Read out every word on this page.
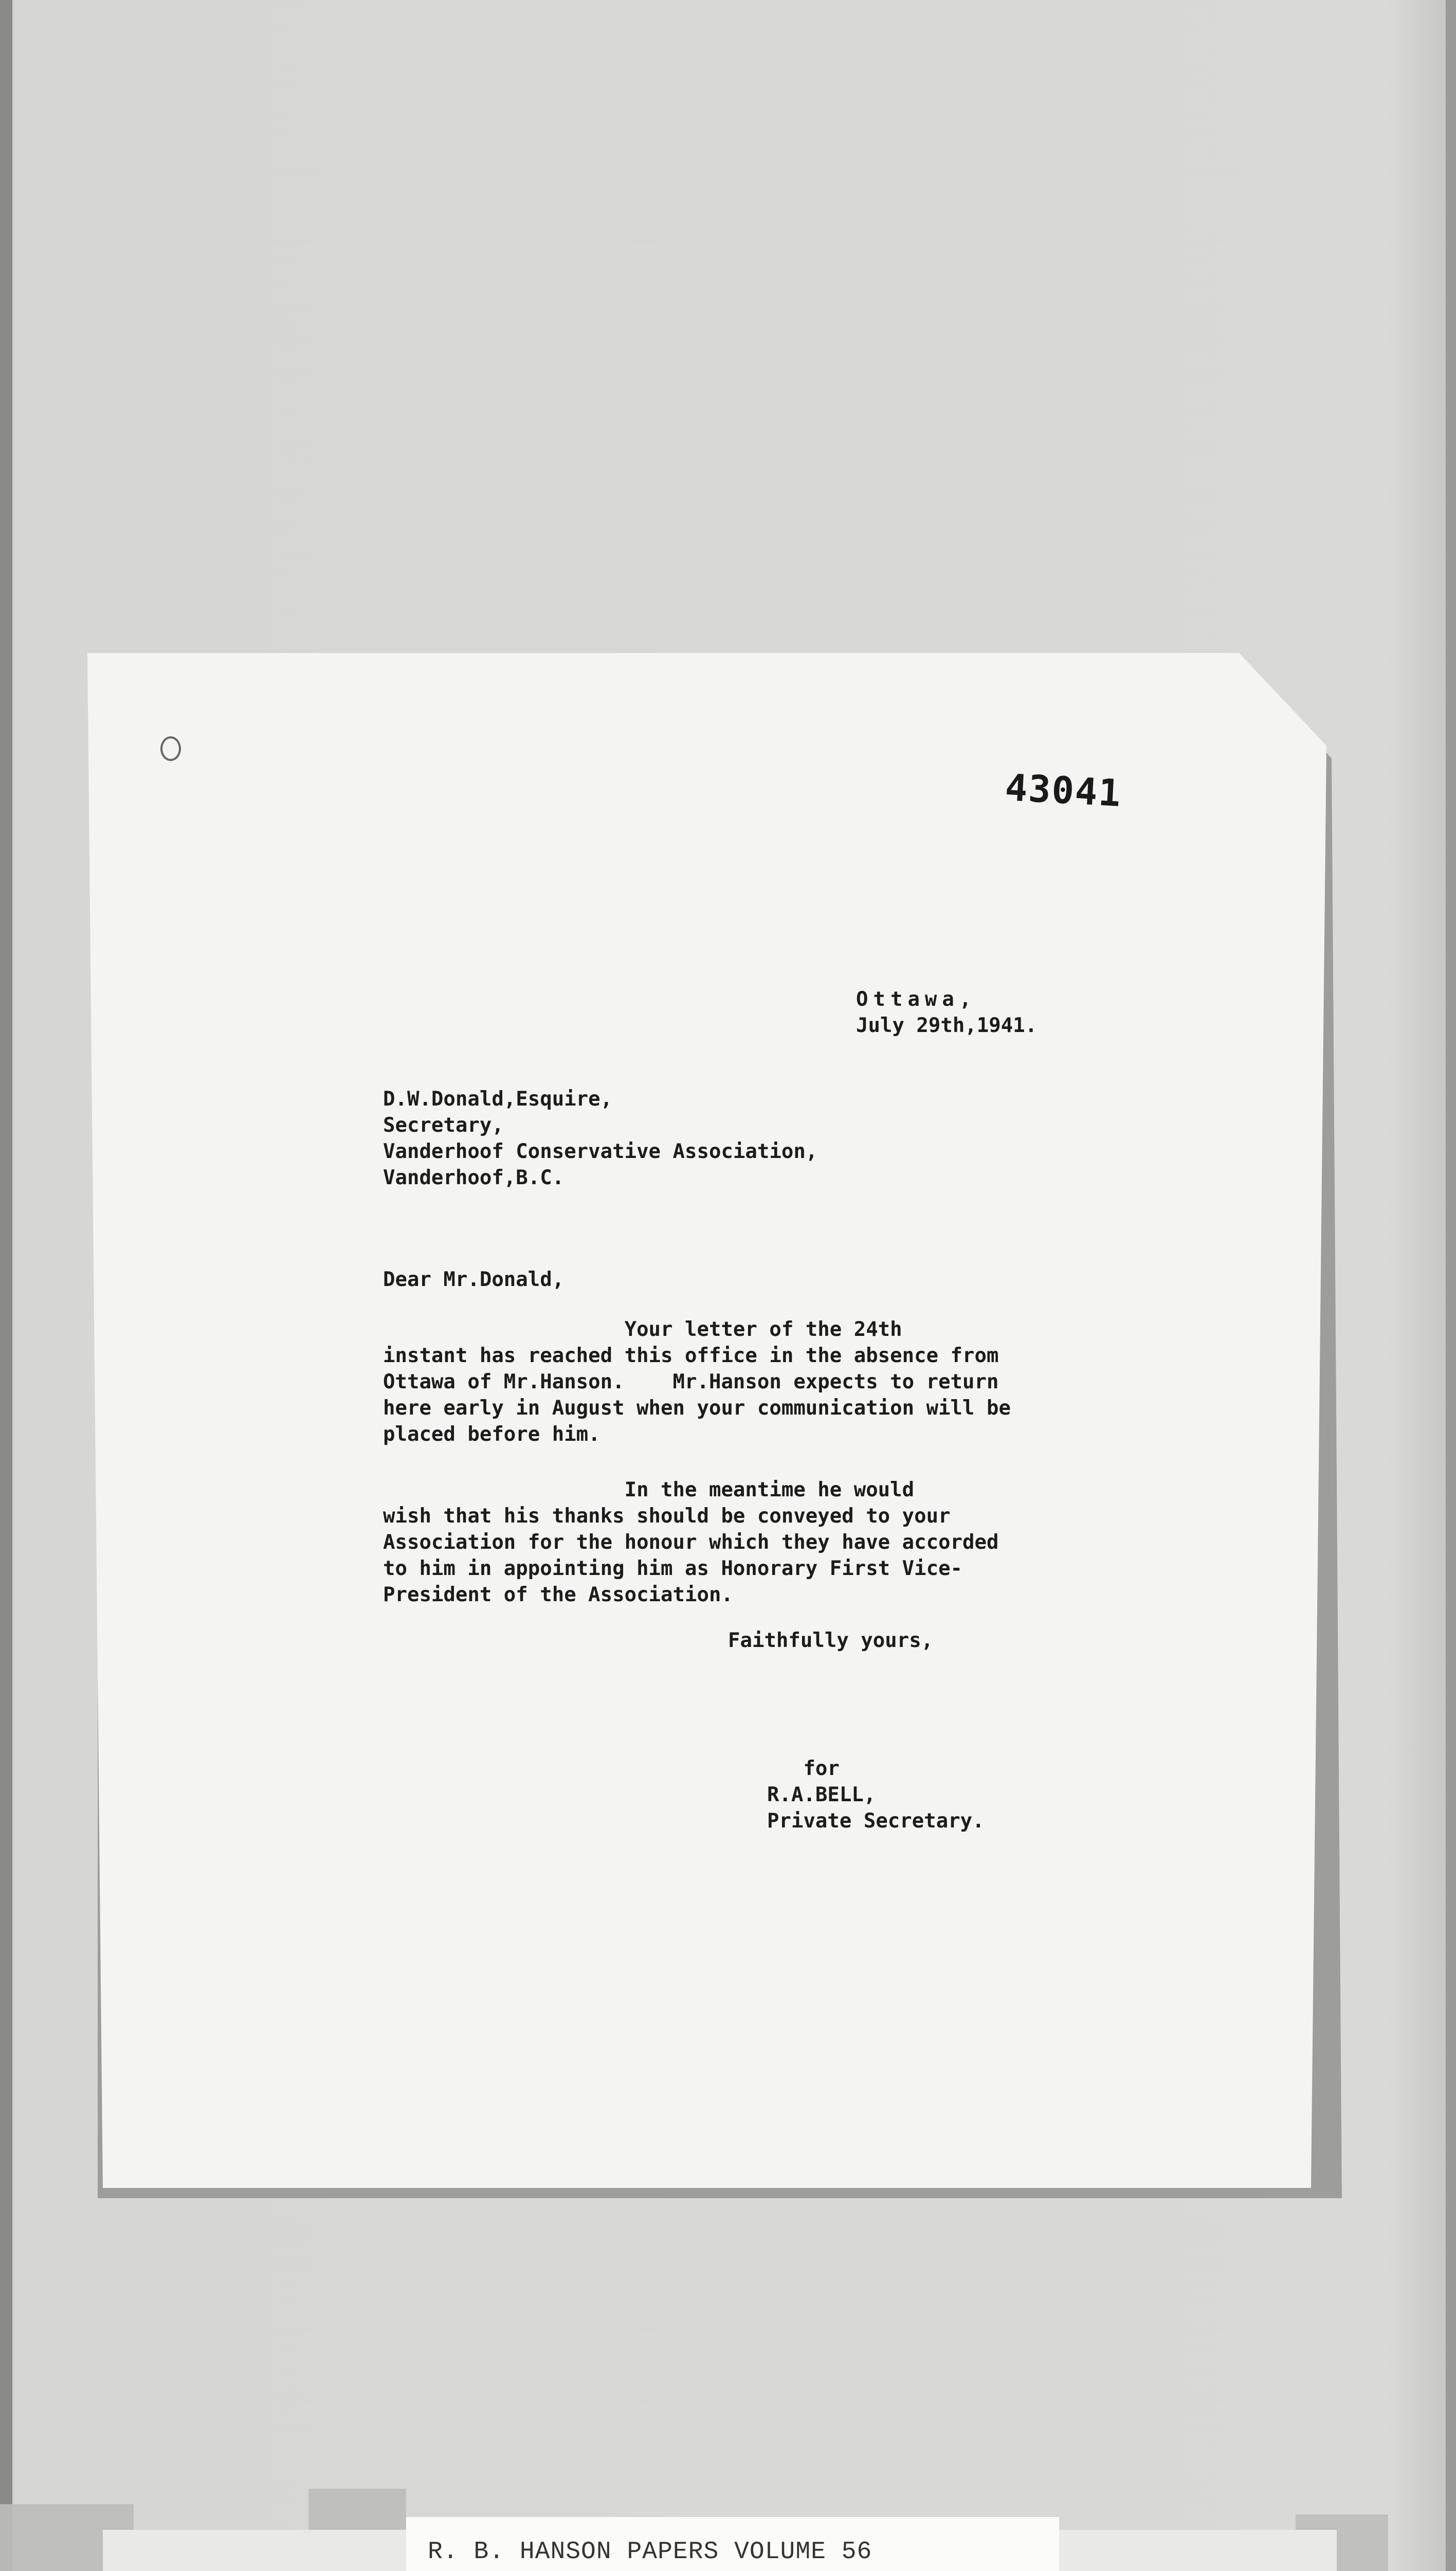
43041
Ottawa,
July 29th,1941.
D.W.Donald,Esquire,
Secretary,
Vanderhoof Conservative Association,
Vanderhoof,B.C.
Dear Mr.Donald,
Your letter of the 24th
instant has reached this office in the absence from
Ottawa of Mr.Hanson.    Mr.Hanson expects to return
here early in August when your communication will be
placed before him.
In the meantime he would
wish that his thanks should be conveyed to your
Association for the honour which they have accorded
to him in appointing him as Honorary First Vice-
President of the Association.
Faithfully yours,
for
R.A.BELL,
Private Secretary.
R. B. HANSON PAPERS VOLUME 56
